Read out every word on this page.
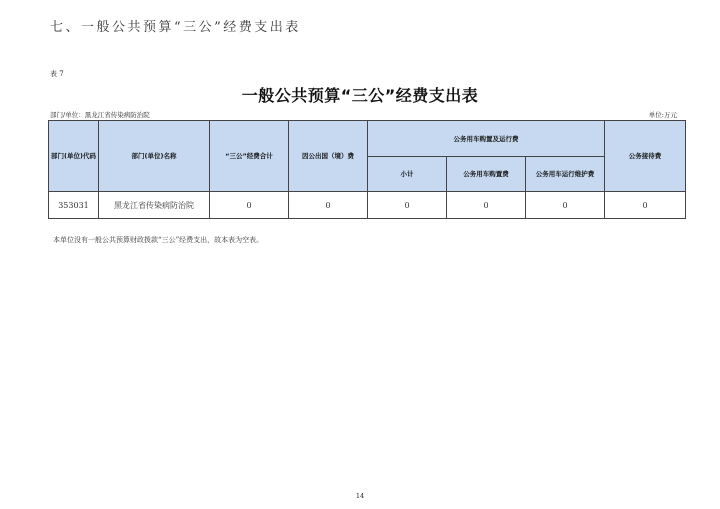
七、一般公共预算“三公”经费支出表
表 7
一般公共预算“三公”经费支出表
部门/单位：黑龙江省传染病防治院	单位:万元
部门(单位)代码	部门(单位)名称	“三公”经费合计	因公出国（境）费	公务用车购置及运行费			公务接待费
				小计	公务用车购置费	公务用车运行维护费	
353031	黑龙江省传染病防治院	0	0	0	0	0	0
本单位没有一般公共预算财政拨款“三公”经费支出，故本表为空表。
14
